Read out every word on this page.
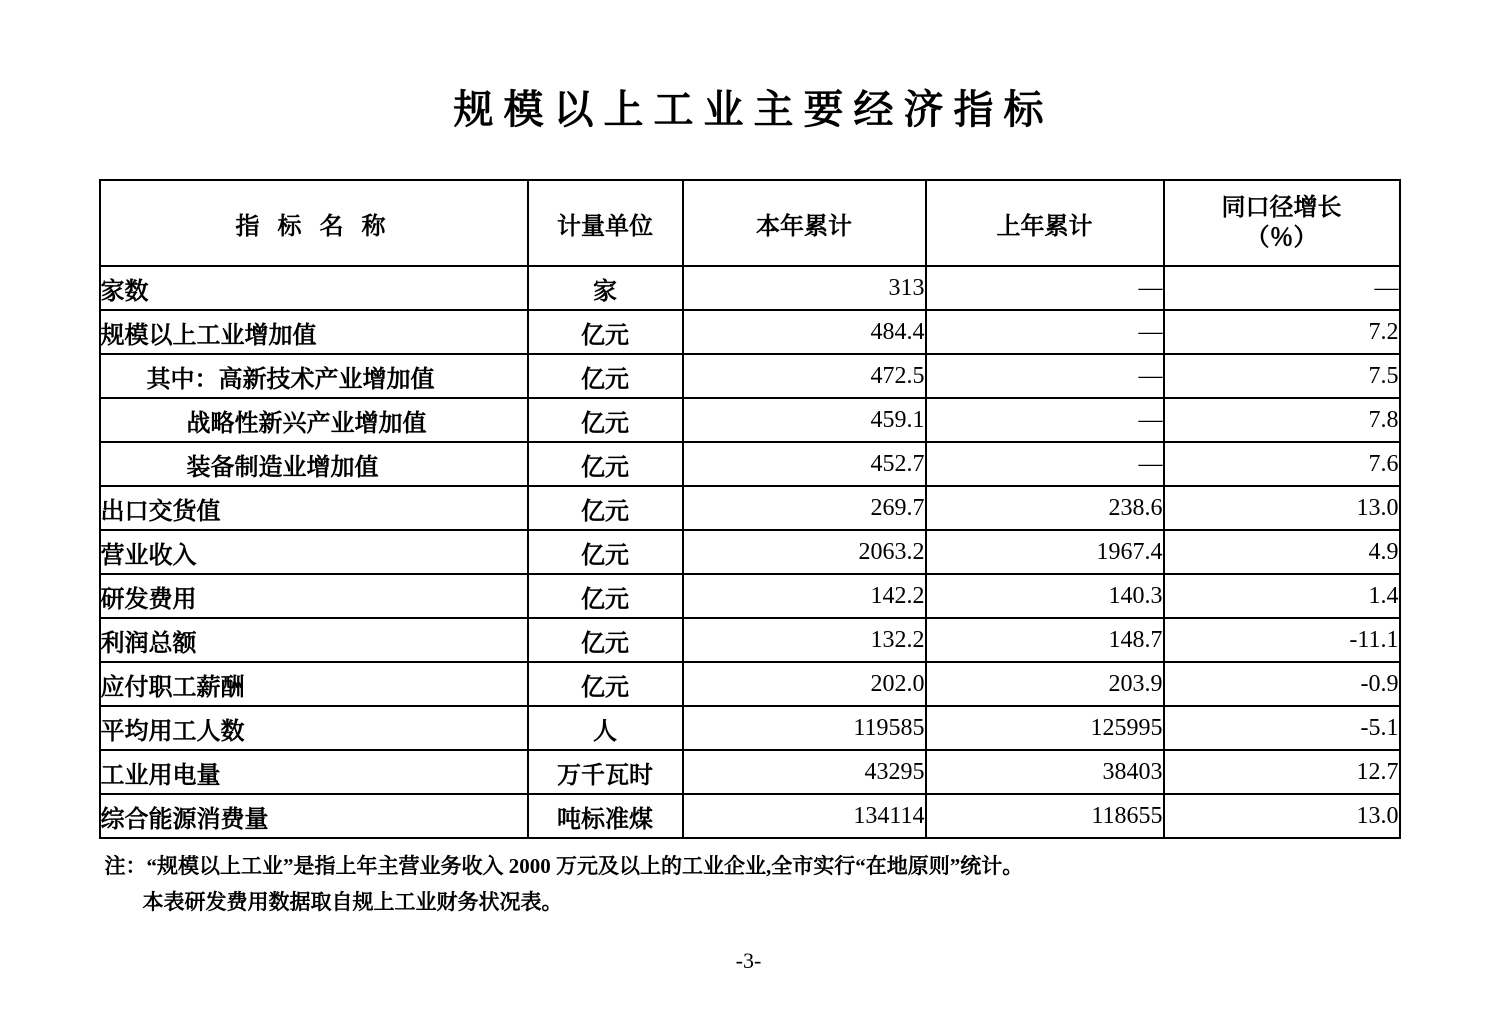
规模以上工业主要经济指标
指 标 名 称	计量单位	本年累计	上年累计	同口径增长
（％）

家数	家	313	—	—
规模以上工业增加值	亿元	484.4	—	7.2
其中：高新技术产业增加值	亿元	472.5	—	7.5
战略性新兴产业增加值	亿元	459.1	—	7.8
装备制造业增加值	亿元	452.7	—	7.6
出口交货值	亿元	269.7	238.6	13.0
营业收入	亿元	2063.2	1967.4	4.9
研发费用	亿元	142.2	140.3	1.4
利润总额	亿元	132.2	148.7	-11.1
应付职工薪酬	亿元	202.0	203.9	-0.9
平均用工人数	人	119585	125995	-5.1
工业用电量	万千瓦时	43295	38403	12.7
综合能源消费量	吨标准煤	134114	118655	13.0
注：“规模以上工业”是指上年主营业务收入 2000 万元及以上的工业企业,全市实行“在地原则”统计。
本表研发费用数据取自规上工业财务状况表。
-3-
